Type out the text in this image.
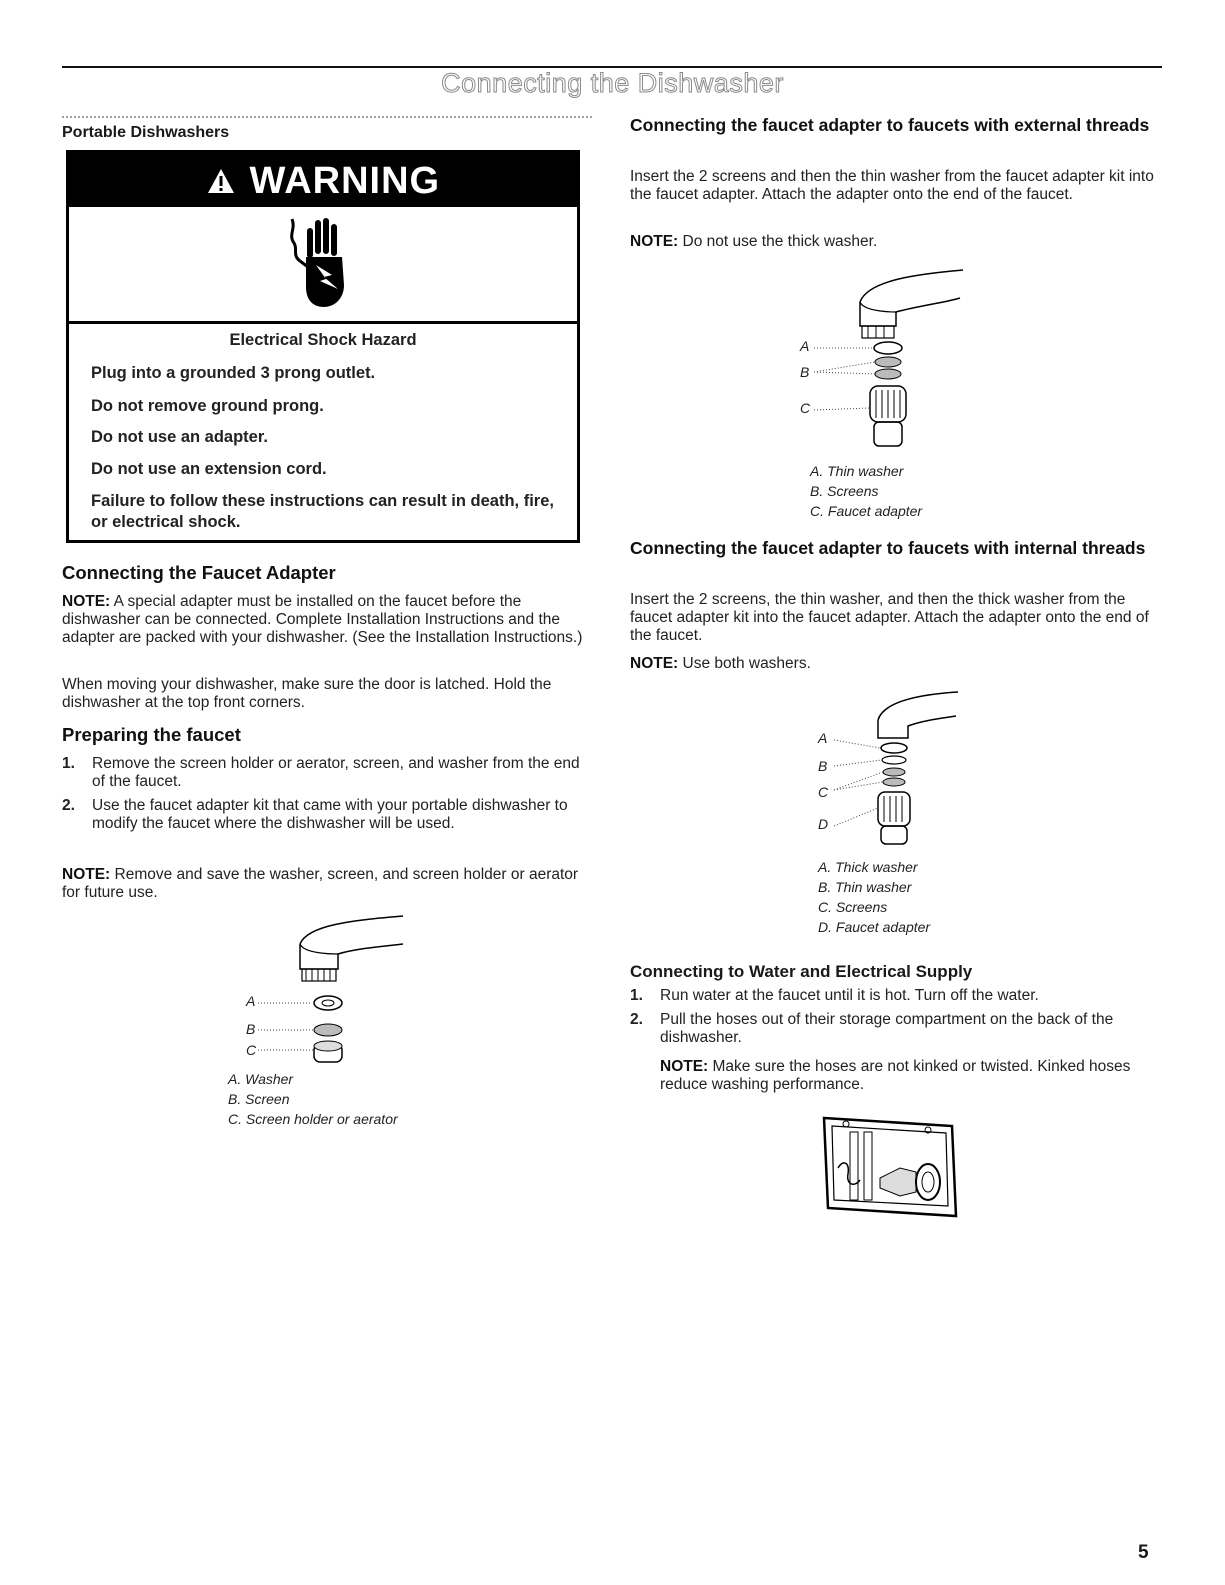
Connecting the Dishwasher
Portable Dishwashers
WARNING
Electrical Shock Hazard
Plug into a grounded 3 prong outlet.
Do not remove ground prong.
Do not use an adapter.
Do not use an extension cord.
Failure to follow these instructions can result in death, fire, or electrical shock.
Connecting the Faucet Adapter
NOTE: A special adapter must be installed on the faucet before the dishwasher can be connected. Complete Installation Instructions and the adapter are packed with your dishwasher. (See the Installation Instructions.)
When moving your dishwasher, make sure the door is latched. Hold the dishwasher at the top front corners.
Preparing the faucet
1. Remove the screen holder or aerator, screen, and washer from the end of the faucet.
2. Use the faucet adapter kit that came with your portable dishwasher to modify the faucet where the dishwasher will be used.
NOTE: Remove and save the washer, screen, and screen holder or aerator for future use.
A
B
C
A. Washer
B. Screen
C. Screen holder or aerator
Connecting the faucet adapter to faucets with external threads
Insert the 2 screens and then the thin washer from the faucet adapter kit into the faucet adapter. Attach the adapter onto the end of the faucet.
NOTE: Do not use the thick washer.
A
B
C
A. Thin washer
B. Screens
C. Faucet adapter
Connecting the faucet adapter to faucets with internal threads
Insert the 2 screens, the thin washer, and then the thick washer from the faucet adapter kit into the faucet adapter. Attach the adapter onto the end of the faucet.
NOTE: Use both washers.
A
B
C
D
A. Thick washer
B. Thin washer
C. Screens
D. Faucet adapter
Connecting to Water and Electrical Supply
1. Run water at the faucet until it is hot. Turn off the water.
2. Pull the hoses out of their storage compartment on the back of the dishwasher.
NOTE: Make sure the hoses are not kinked or twisted. Kinked hoses reduce washing performance.
5
